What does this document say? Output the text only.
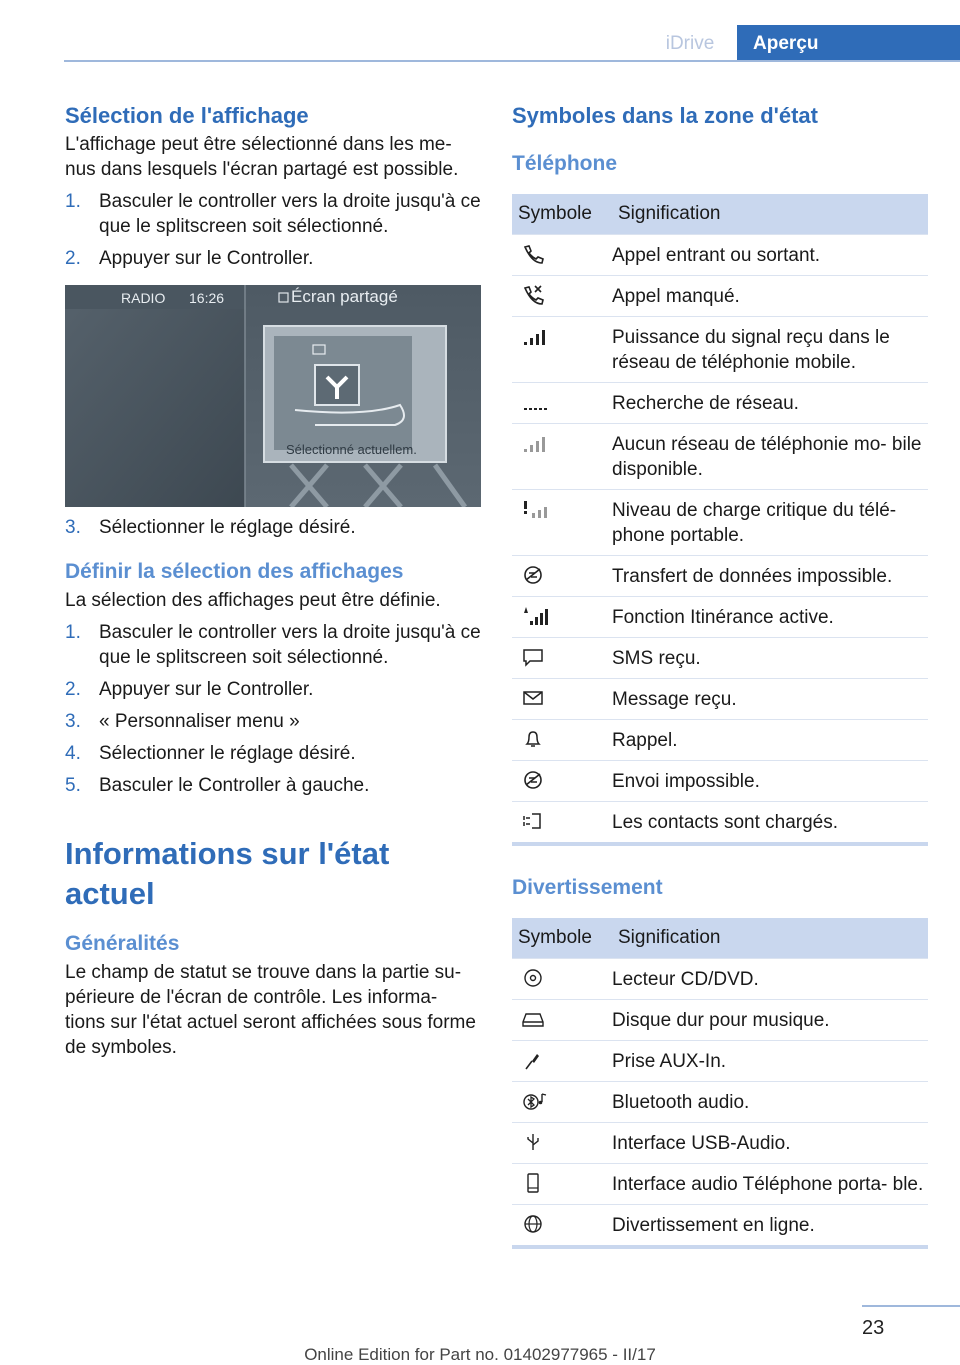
iDrive	Aperçu
Sélection de l'affichage

L'affichage peut être sélectionné dans les me‐ nus dans lesquels l'écran partagé est possible.

1. Basculer le controller vers la droite jusqu'à ce que le splitscreen soit sélectionné.
2. Appuyer sur le Controller.
RADIO 16:26	Écran partagé
Sélectionné actuellem.
3. Sélectionner le réglage désiré.
Définir la sélection des affichages

La sélection des affichages peut être définie.

1. Basculer le controller vers la droite jusqu'à ce que le splitscreen soit sélectionné.
2. Appuyer sur le Controller.
3. « Personnaliser menu »
4. Sélectionner le réglage désiré.
5. Basculer le Controller à gauche.
Informations sur l'état actuel
Généralités

Le champ de statut se trouve dans la partie su‐ périeure de l'écran de contrôle. Les informa‐ tions sur l'état actuel seront affichées sous forme de symboles.

Symboles dans la zone d'état
Téléphone
Symbole	Signification

	Appel entrant ou sortant.

	Appel manqué.

	Puissance du signal reçu dans le réseau de téléphonie mobile.

	Recherche de réseau.

	Aucun réseau de téléphonie mo‐ bile disponible.

	Niveau de charge critique du télé‐ phone portable.

	Transfert de données impossible.

	Fonction Itinérance active.

	SMS reçu.

	Message reçu.

	Rappel.

	Envoi impossible.

	Les contacts sont chargés.
Divertissement
Symbole	Signification

	Lecteur CD/DVD.

	Disque dur pour musique.

	Prise AUX-In.

	Bluetooth audio.

	Interface USB-Audio.

	Interface audio Téléphone porta‐ ble.

	Divertissement en ligne.
23
Online Edition for Part no. 01402977965 - II/17
